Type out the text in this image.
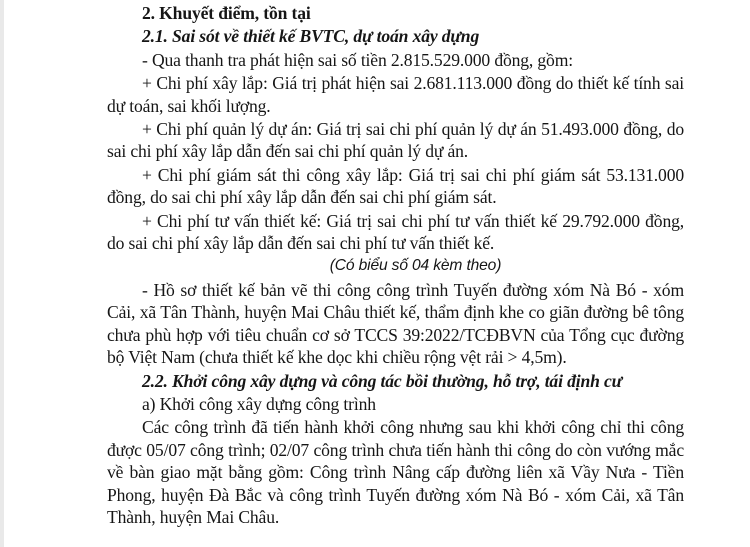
2. Khuyết điểm, tồn tại

2.1. Sai sót về thiết kế BVTC, dự toán xây dựng

- Qua thanh tra phát hiện sai số tiền 2.815.529.000 đồng, gồm:

+ Chi phí xây lắp: Giá trị phát hiện sai 2.681.113.000 đồng do thiết kế tính sai dự toán, sai khối lượng.

+ Chi phí quản lý dự án: Giá trị sai chi phí quản lý dự án 51.493.000 đồng, do sai chi phí xây lắp dẫn đến sai chi phí quản lý dự án.

+ Chi phí giám sát thi công xây lắp: Giá trị sai chi phí giám sát 53.131.000 đồng, do sai chi phí xây lắp dẫn đến sai chi phí giám sát.

+ Chi phí tư vấn thiết kế: Giá trị sai chi phí tư vấn thiết kế 29.792.000 đồng, do sai chi phí xây lắp dẫn đến sai chi phí tư vấn thiết kế.

(Có biểu số 04 kèm theo)

- Hồ sơ thiết kế bản vẽ thi công công trình Tuyến đường xóm Nà Bó - xóm Cải, xã Tân Thành, huyện Mai Châu thiết kế, thẩm định khe co giãn đường bê tông chưa phù hợp với tiêu chuẩn cơ sở TCCS 39:2022/TCĐBVN của Tổng cục đường bộ Việt Nam (chưa thiết kế khe dọc khi chiều rộng vệt rải > 4,5m).

2.2. Khởi công xây dựng và công tác bồi thường, hỗ trợ, tái định cư

a) Khởi công xây dựng công trình

Các công trình đã tiến hành khởi công nhưng sau khi khởi công chỉ thi công được 05/07 công trình; 02/07 công trình chưa tiến hành thi công do còn vướng mắc về bàn giao mặt bằng gồm: Công trình Nâng cấp đường liên xã Vầy Nưa - Tiền Phong, huyện Đà Bắc và công trình Tuyến đường xóm Nà Bó - xóm Cải, xã Tân Thành, huyện Mai Châu.
